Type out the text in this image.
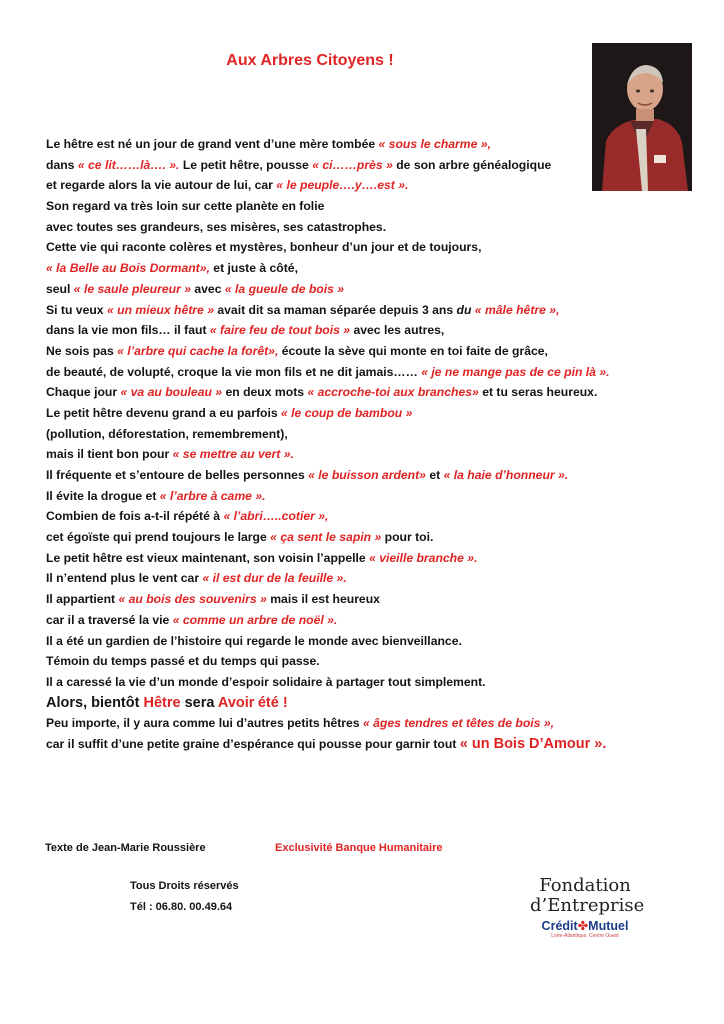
Aux Arbres Citoyens !
Le hêtre est né un jour de grand vent d’une mère tombée « sous le charme »,
dans « ce lit……là…. ». Le petit hêtre, pousse « ci……près » de son arbre généalogique
et regarde alors la vie autour de lui, car « le peuple….y….est ».
Son regard va très loin sur cette planète en folie
avec toutes ses grandeurs, ses misères, ses catastrophes.
Cette vie qui raconte colères et mystères, bonheur d’un jour et de toujours,
« la Belle au Bois Dormant», et juste à côté,
seul « le saule pleureur » avec « la gueule de bois »
Si tu veux « un mieux hêtre » avait dit sa maman séparée depuis 3 ans du « mâle hêtre »,
dans la vie mon fils… il faut « faire feu de tout bois » avec les autres,
Ne sois pas « l’arbre qui cache la forêt», écoute la sève qui monte en toi faite de grâce,
de beauté, de volupté, croque la vie mon fils et ne dit jamais…… « je ne mange pas de ce pin là ».
Chaque jour « va au bouleau » en deux mots « accroche-toi aux branches» et tu seras heureux.
Le petit hêtre devenu grand a eu parfois « le coup de bambou »
(pollution, déforestation, remembrement),
mais il tient bon pour « se mettre au vert ».
Il fréquente et s’entoure de belles personnes « le buisson ardent» et « la haie d’honneur ».
Il évite la drogue et « l’arbre à came ».
Combien de fois a-t-il répété à « l’abri…..cotier »,
cet égoïste qui prend toujours le large « ça sent le sapin » pour toi.
Le petit hêtre est vieux maintenant, son voisin l’appelle « vieille branche ».
Il n’entend plus le vent car « il est dur de la feuille ».
Il appartient « au bois des souvenirs » mais il est heureux
car il a traversé la vie « comme un arbre de noël ».
Il a été un gardien de l’histoire qui regarde le monde avec bienveillance.
Témoin du temps passé et du temps qui passe.
Il a caressé la vie d’un monde d’espoir solidaire à partager tout simplement.
Alors, bientôt Hêtre sera Avoir été !
Peu importe, il y aura comme lui d’autres petits hêtres « âges tendres et têtes de bois »,
car il suffit d’une petite graine d’espérance qui pousse pour garnir tout « un Bois D’Amour ».
Texte de Jean-Marie Roussière	Exclusivité Banque Humanitaire
Tous Droits réservés
Tél : 06.80. 00.49.64
Fondation
d’Entreprise
Crédit✤Mutuel
Loire-Atlantique, Centre Ouest
